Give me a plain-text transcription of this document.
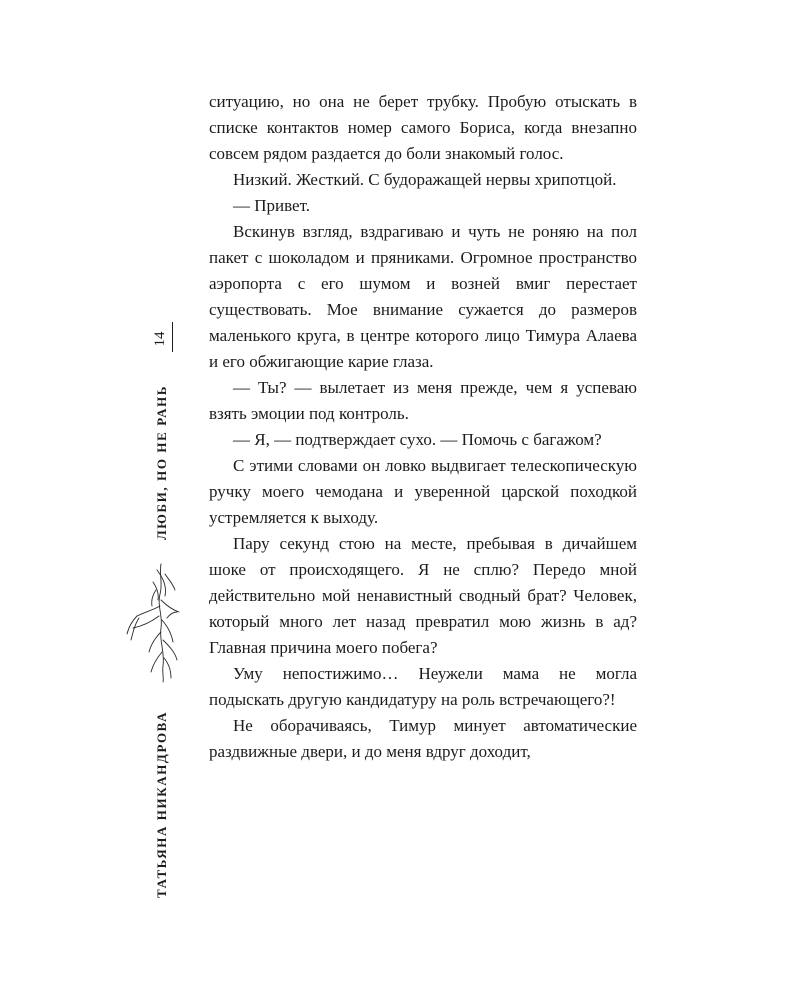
14
ЛЮБИ, НО НЕ РАНЬ
ТАТЬЯНА НИКАНДРОВА

ситуацию, но она не берет трубку. Пробую отыскать в списке контактов номер самого Бориса, когда внезапно совсем рядом раздается до боли знакомый голос.

Низкий. Жесткий. С будоражащей нервы хрипотцой.

— Привет.

Вскинув взгляд, вздрагиваю и чуть не роняю на пол пакет с шоколадом и пряниками. Огромное пространство аэропорта с его шумом и возней вмиг перестает существовать. Мое внимание сужается до размеров маленького круга, в центре которого лицо Тимура Алаева и его обжигающие карие глаза.

— Ты? — вылетает из меня прежде, чем я успеваю взять эмоции под контроль.

— Я, — подтверждает сухо. — Помочь с багажом?

С этими словами он ловко выдвигает телескопическую ручку моего чемодана и уверенной царской походкой устремляется к выходу.

Пару секунд стою на месте, пребывая в дичайшем шоке от происходящего. Я не сплю? Передо мной действительно мой ненавистный сводный брат? Человек, который много лет назад превратил мою жизнь в ад? Главная причина моего побега?

Уму непостижимо… Неужели мама не могла подыскать другую кандидатуру на роль встречающего?!

Не оборачиваясь, Тимур минует автоматические раздвижные двери, и до меня вдруг доходит,
